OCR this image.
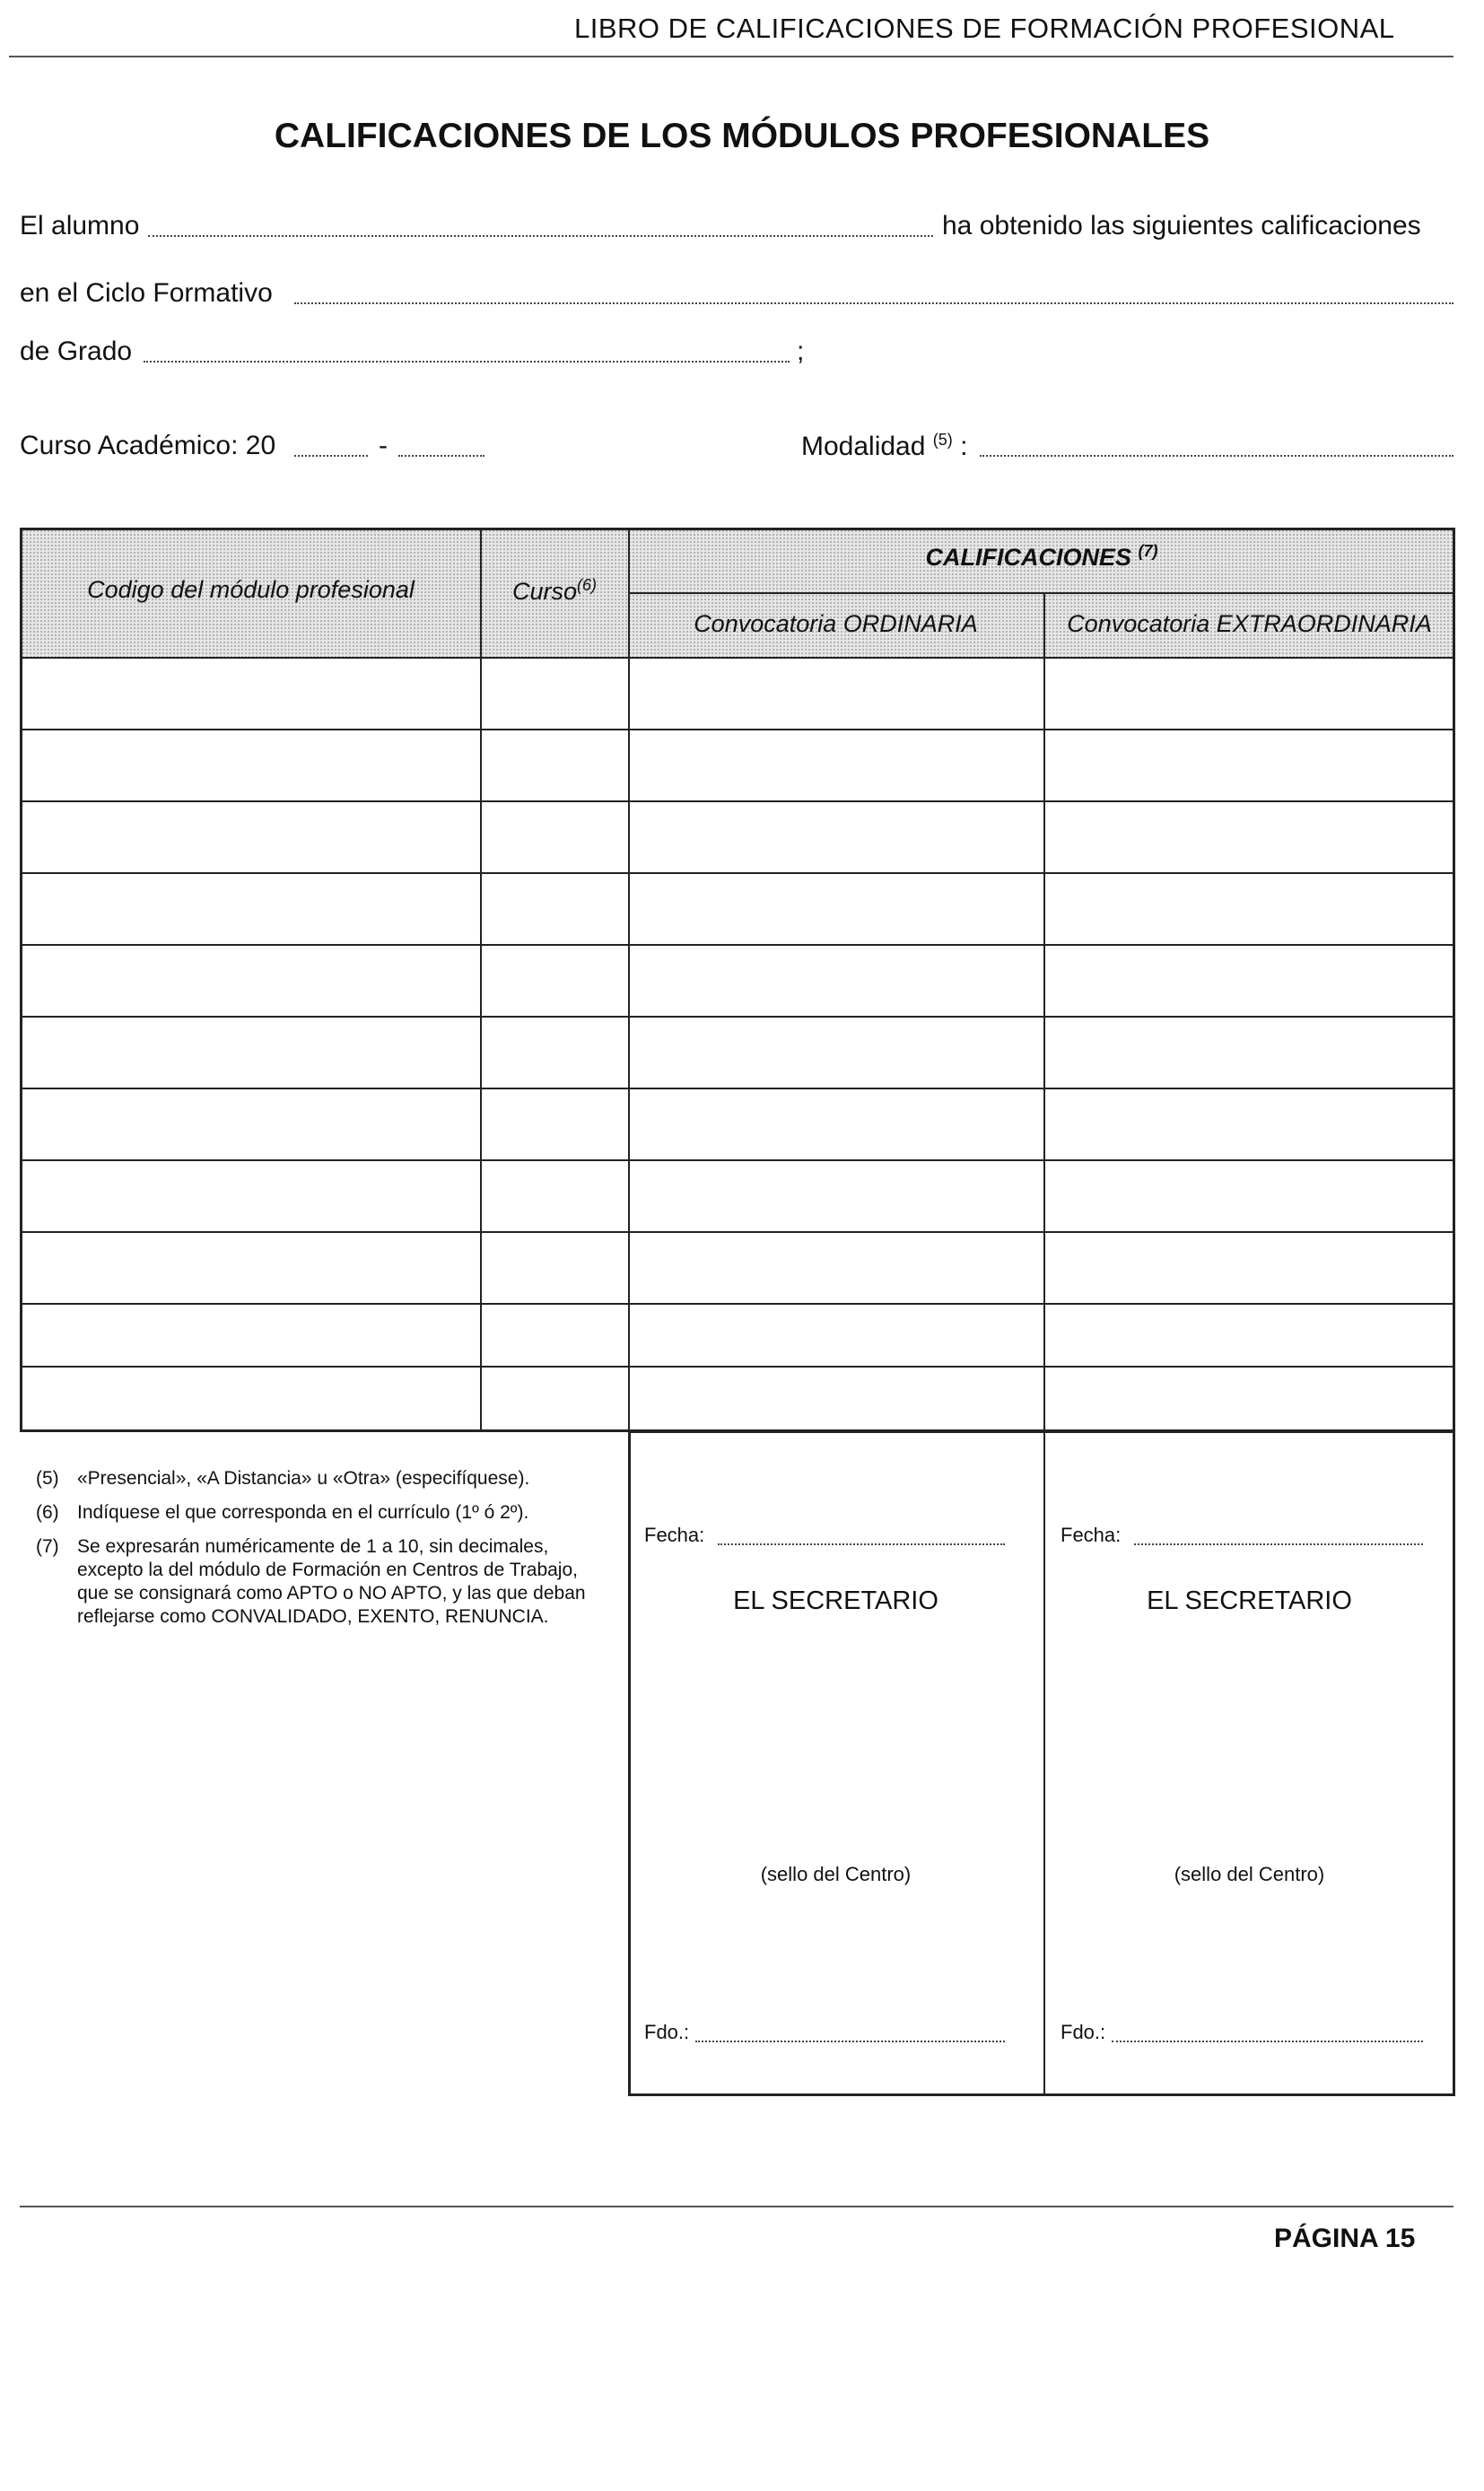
LIBRO DE CALIFICACIONES DE FORMACIÓN PROFESIONAL
CALIFICACIONES DE LOS MÓDULOS PROFESIONALES
El alumno	ha obtenido las siguientes calificaciones
en el Ciclo Formativo
de Grado	;
Curso Académico: 20	-	Modalidad $^{(5)}$ :
Codigo del módulo profesional	Curso$^{(6)}$
CALIFICACIONES $^{(7)}$
Convocatoria ORDINARIA	Convocatoria EXTRAORDINARIA
(5) «Presencial», «A Distancia» u «Otra» (especifíquese).
(6) Indíquese el que corresponda en el currículo (1º ó 2º).
(7) Se expresarán numéricamente de 1 a 10, sin decimales, excepto la del módulo de Formación en Centros de Trabajo, que se consignará como APTO o NO APTO, y las que deban reflejarse como CONVALIDADO, EXENTO, RENUNCIA.
Fecha:
EL SECRETARIO
(sello del Centro)
Fdo.:
Fecha:
EL SECRETARIO
(sello del Centro)
Fdo.:
PÁGINA 15
